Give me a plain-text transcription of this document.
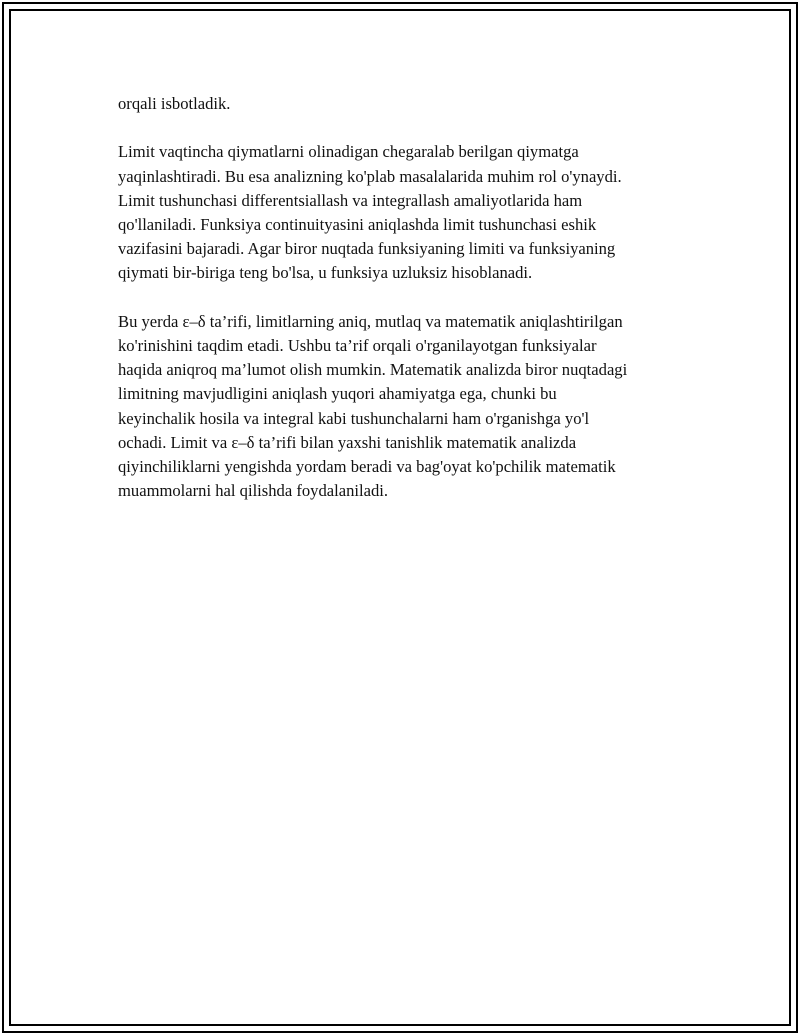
orqali isbotladik.

Limit vaqtincha qiymatlarni olinadigan chegaralab berilgan qiymatga
yaqinlashtiradi. Bu esa analizning ko'plab masalalarida muhim rol o'ynaydi.
Limit tushunchasi differentsiallash va integrallash amaliyotlarida ham
qo'llaniladi. Funksiya continuityasini aniqlashda limit tushunchasi eshik
vazifasini bajaradi. Agar biror nuqtada funksiyaning limiti va funksiyaning
qiymati bir-biriga teng bo'lsa, u funksiya uzluksiz hisoblanadi.

Bu yerda ε–δ ta’rifi, limitlarning aniq, mutlaq va matematik aniqlashtirilgan
ko'rinishini taqdim etadi. Ushbu ta’rif orqali o'rganilayotgan funksiyalar
haqida aniqroq ma’lumot olish mumkin. Matematik analizda biror nuqtadagi
limitning mavjudligini aniqlash yuqori ahamiyatga ega, chunki bu
keyinchalik hosila va integral kabi tushunchalarni ham o'rganishga yo'l
ochadi. Limit va ε–δ ta’rifi bilan yaxshi tanishlik matematik analizda
qiyinchiliklarni yengishda yordam beradi va bag'oyat ko'pchilik matematik
muammolarni hal qilishda foydalaniladi.
